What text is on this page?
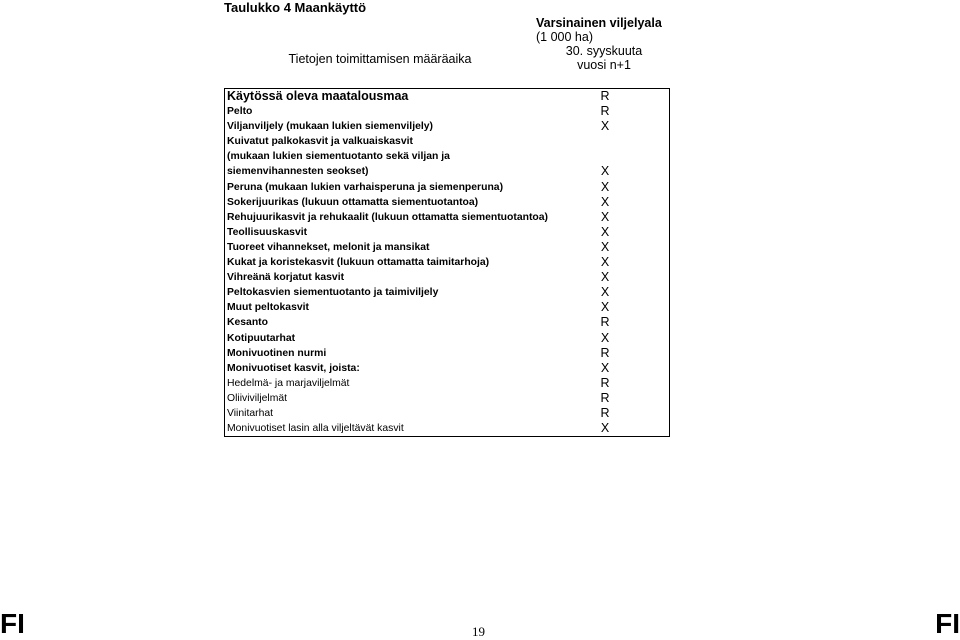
Taulukko 4 Maankäyttö
Varsinainen viljelyala
(1 000 ha)
30. syyskuuta
vuosi n+1
Tietojen toimittamisen määräaika
Käytössä oleva maatalousmaa	R
Pelto	R
Viljanviljely (mukaan lukien siemenviljely)	X
Kuivatut palkokasvit ja valkuaiskasvit
(mukaan lukien siementuotanto sekä viljan ja
siemenvihannesten seokset)	X
Peruna (mukaan lukien varhaisperuna ja siemenperuna)	X
Sokerijuurikas (lukuun ottamatta siementuotantoa)	X
Rehujuurikasvit ja rehukaalit (lukuun ottamatta siementuotantoa)	X
Teollisuuskasvit	X
Tuoreet vihannekset, melonit ja mansikat	X
Kukat ja koristekasvit (lukuun ottamatta taimitarhoja)	X
Vihreänä korjatut kasvit	X
Peltokasvien siementuotanto ja taimiviljely	X
Muut peltokasvit	X
Kesanto	R
Kotipuutarhat	X
Monivuotinen nurmi	R
Monivuotiset kasvit, joista:	X
Hedelmä- ja marjaviljelmät	R
Oliiviviljelmät	R
Viinitarhat	R
Monivuotiset lasin alla viljeltävät kasvit	X
FI	19	FI
